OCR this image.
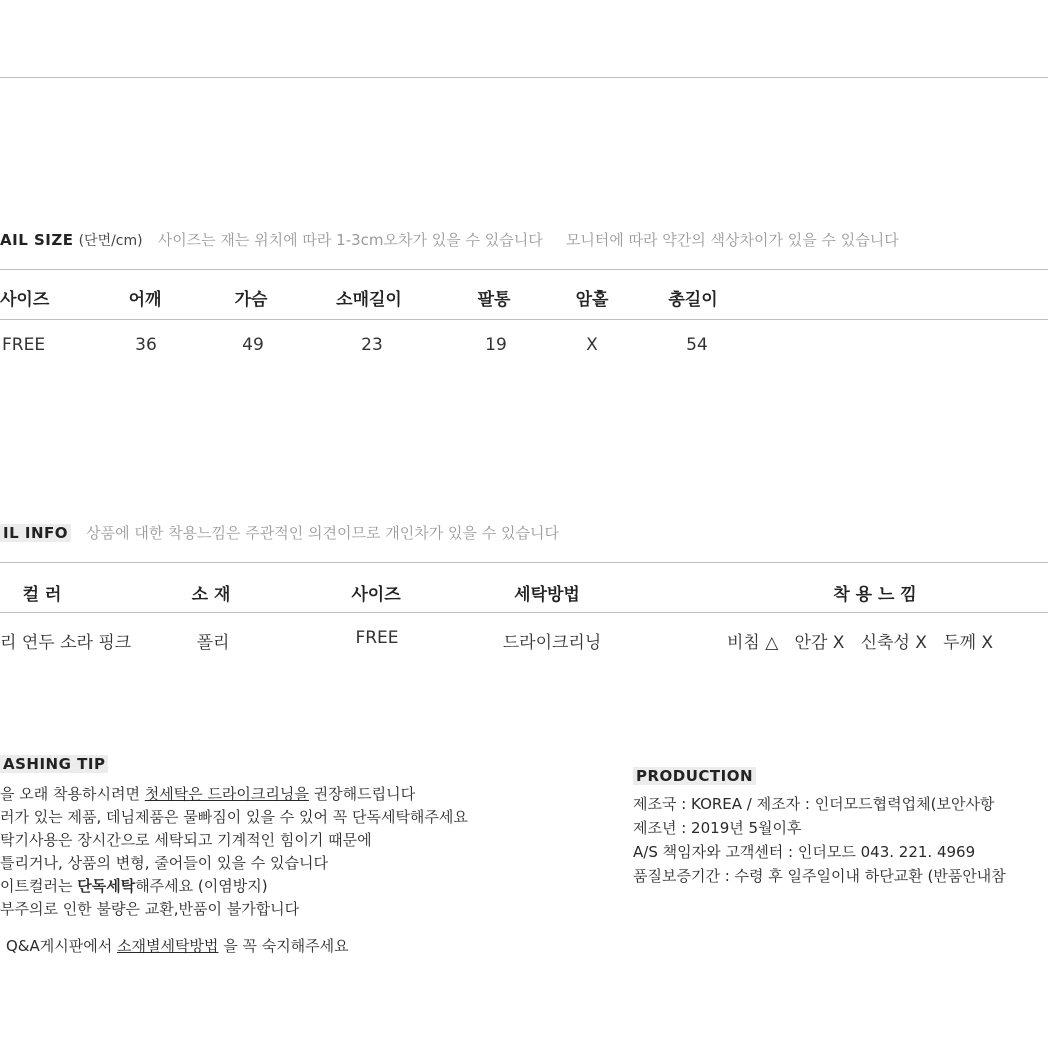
AIL SIZE (단면/cm) 사이즈는 재는 위치에 따라 1-3cm오차가 있을 수 있습니다 모니터에 따라 약간의 색상차이가 있을 수 있습니다
사이즈	어깨	가슴	소매길이	팔통	암홀	총길이
FREE	36	49	23	19	X	54
IL INFO 상품에 대한 착용느낌은 주관적인 의견이므로 개인차가 있을 수 있습니다
컬 러	소 재	사이즈	세탁방법	착 용 느 낌
리 연두 소라 핑크	폴리	FREE	드라이크리닝	비침 △   안감 X   신축성 X   두께 X
ASHING TIP
을 오래 착용하시려면 첫세탁은 드라이크리닝을 권장해드립니다
러가 있는 제품, 데님제품은 물빠짐이 있을 수 있어 꼭 단독세탁해주세요
탁기사용은 장시간으로 세탁되고 기계적인 힘이기 때문에
틀리거나, 상품의 변형, 줄어들이 있을 수 있습니다
이트컬러는 단독세탁해주세요 (이염방지)
부주의로 인한 불량은 교환,반품이 불가합니다
Q&A게시판에서 소재별세탁방법 을 꼭 숙지해주세요
PRODUCTION
제조국 : KOREA / 제조자 : 인더모드협력업체(보안사항
제조년 : 2019년 5월이후
A/S 책임자와 고객센터 : 인더모드 043. 221. 4969
품질보증기간 : 수령 후 일주일이내 하단교환 (반품안내참
